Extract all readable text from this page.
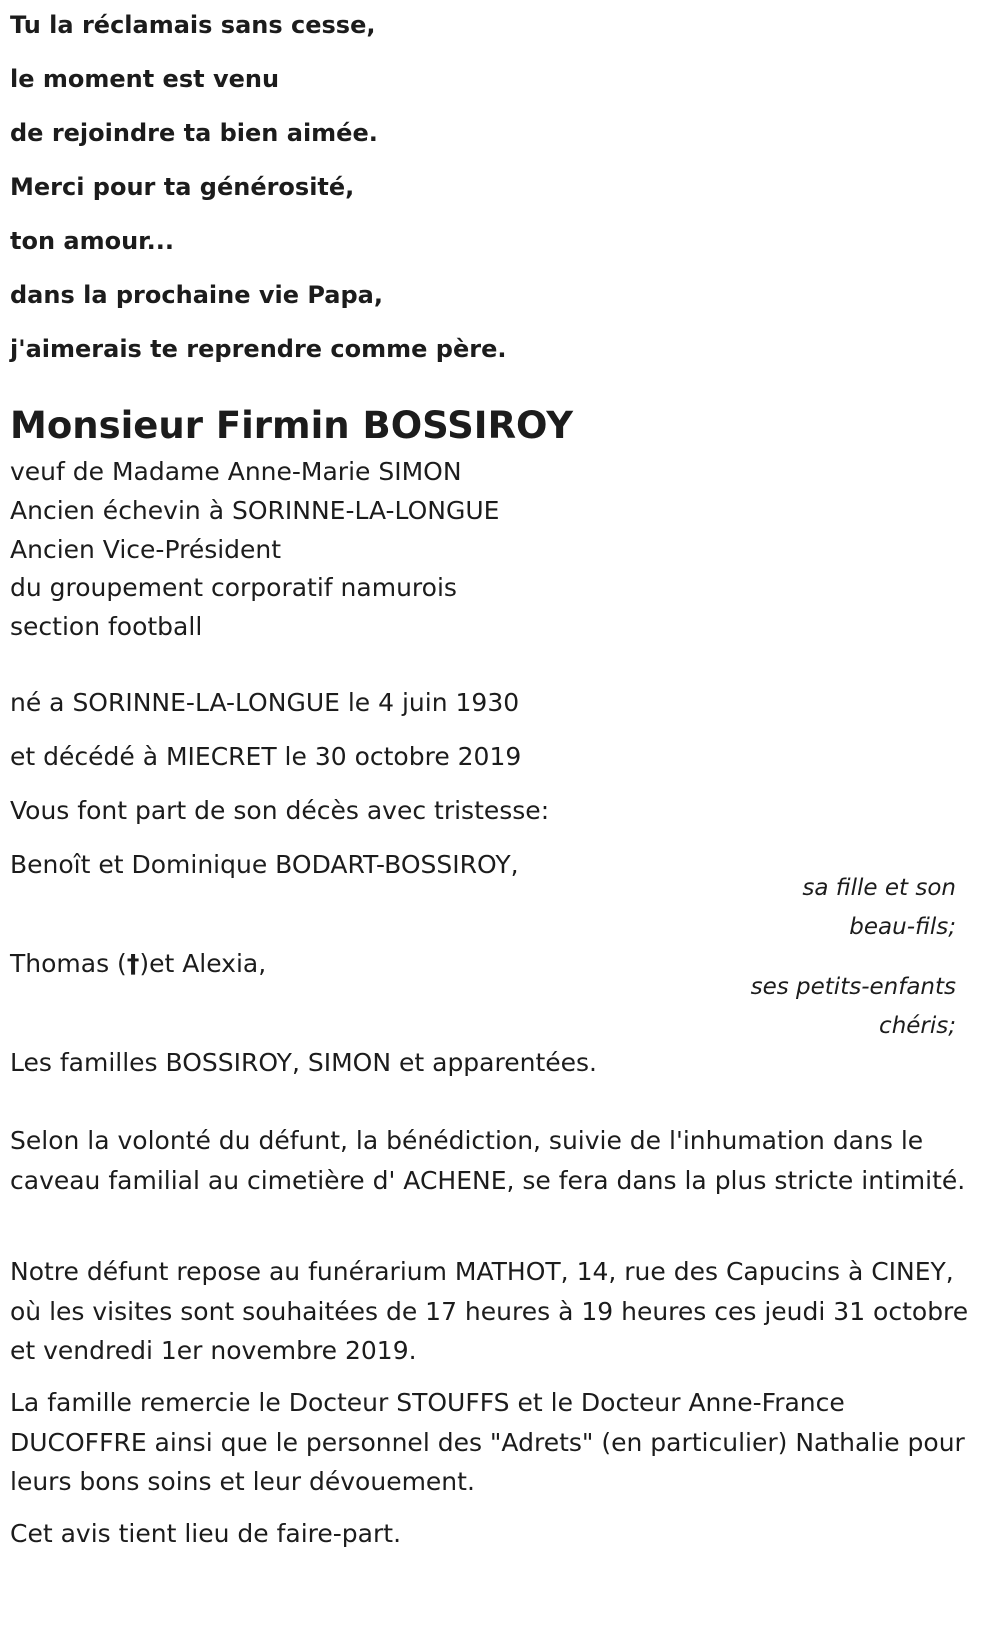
Tu la réclamais sans cesse,
le moment est venu
de rejoindre ta bien aimée.
Merci pour ta générosité,
ton amour...
dans la prochaine vie Papa,
j'aimerais te reprendre comme père.
Monsieur Firmin BOSSIROY
veuf de Madame Anne-Marie SIMON
Ancien échevin à SORINNE-LA-LONGUE
Ancien Vice-Président
du groupement corporatif namurois
section football
né a SORINNE-LA-LONGUE le 4 juin 1930
et décédé à MIECRET le 30 octobre 2019
Vous font part de son décès avec tristesse:
Benoît et Dominique BODART-BOSSIROY,
sa fille et son
beau-fils;
Thomas (†)et Alexia,
ses petits-enfants
chéris;
Les familles BOSSIROY, SIMON et apparentées.
Selon la volonté du défunt, la bénédiction, suivie de l'inhumation dans le caveau familial au cimetière d' ACHENE, se fera dans la plus stricte intimité.
Notre défunt repose au funérarium MATHOT, 14, rue des Capucins à CINEY, où les visites sont souhaitées de 17 heures à 19 heures ces jeudi 31 octobre et vendredi 1er novembre 2019.
La famille remercie le Docteur STOUFFS et le Docteur Anne-France DUCOFFRE ainsi que le personnel des "Adrets" (en particulier) Nathalie pour leurs bons soins et leur dévouement.
Cet avis tient lieu de faire-part.
